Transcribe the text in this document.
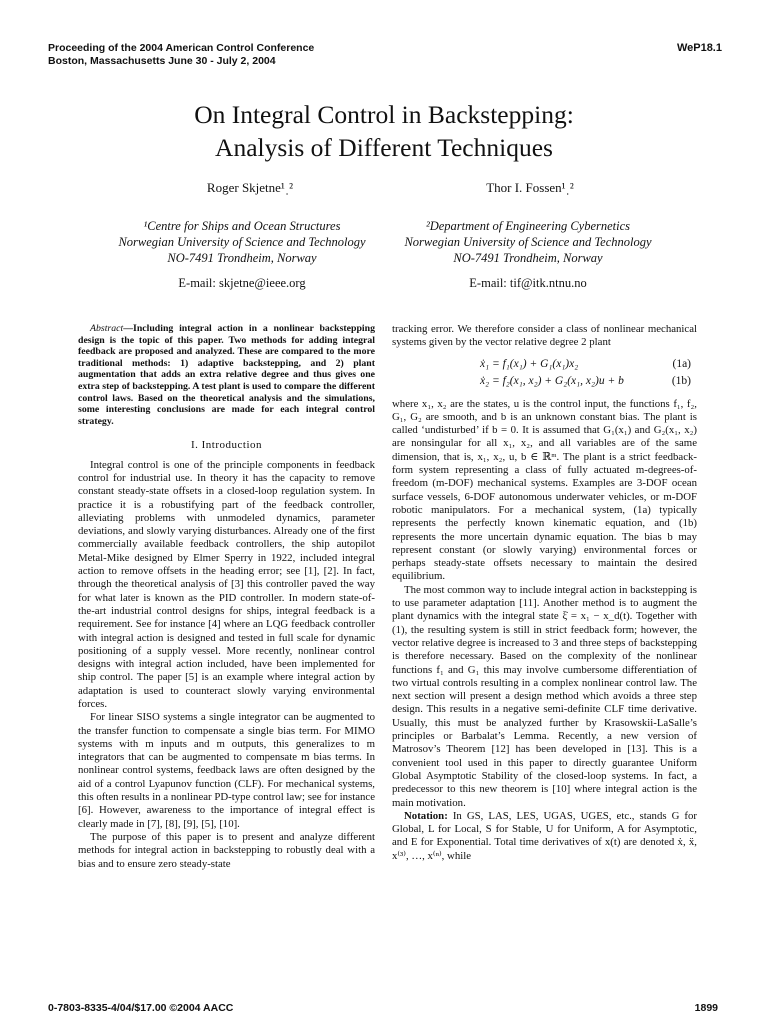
Proceeding of the 2004 American Control Conference
Boston, Massachusetts June 30 - July 2, 2004
WeP18.1
On Integral Control in Backstepping:
Analysis of Different Techniques
Roger Skjetne¹ˌ²	Thor I. Fossen¹ˌ²
¹Centre for Ships and Ocean Structures
Norwegian University of Science and Technology
NO-7491 Trondheim, Norway
E-mail: skjetne@ieee.org
²Department of Engineering Cybernetics
Norwegian University of Science and Technology
NO-7491 Trondheim, Norway
E-mail: tif@itk.ntnu.no

Abstract—Including integral action in a nonlinear backstepping design is the topic of this paper. Two methods for adding integral feedback are proposed and analyzed. These are compared to the more traditional methods: 1) adaptive backstepping, and 2) plant augmentation that adds an extra relative degree and thus gives one extra step of backstepping. A test plant is used to compare the different control laws. Based on the theoretical analysis and the simulations, some interesting conclusions are made for each integral control strategy.

I. Introduction

Integral control is one of the principle components in feedback control for industrial use. In theory it has the capacity to remove constant steady-state offsets in a closed-loop regulation system. In practice it is a robustifying part of the feedback controller, alleviating problems with unmodeled dynamics, parameter deviations, and slowly varying disturbances. Already one of the first commercially available feedback controllers, the ship autopilot Metal-Mike designed by Elmer Sperry in 1922, included integral action to remove offsets in the heading error; see [1], [2]. In fact, through the theoretical analysis of [3] this controller paved the way for what later is known as the PID controller. In modern state-of-the-art industrial control designs for ships, integral feedback is a requirement. See for instance [4] where an LQG feedback controller with integral action is designed and tested in full scale for dynamic positioning of a supply vessel. More recently, nonlinear control designs with integral action included, have been implemented for ship control. The paper [5] is an example where integral action by adaptation is used to counteract slowly varying environmental forces.

For linear SISO systems a single integrator can be augmented to the transfer function to compensate a single bias term. For MIMO systems with m inputs and m outputs, this generalizes to m integrators that can be augmented to compensate m bias terms. In nonlinear control systems, feedback laws are often designed by the aid of a control Lyapunov function (CLF). For mechanical systems, this often results in a nonlinear PD-type control law; see for instance [6]. However, awareness to the importance of integral effect is clearly made in [7], [8], [9], [5], [10].

The purpose of this paper is to present and analyze different methods for integral action in backstepping to robustly deal with a bias and to ensure zero steady-state

tracking error. We therefore consider a class of nonlinear mechanical systems given by the vector relative degree 2 plant

ẋ₁ = f₁(x₁) + G₁(x₁)x₂	(1a)
ẋ₂ = f₂(x₁, x₂) + G₂(x₁, x₂)u + b	(1b)

where x₁, x₂ are the states, u is the control input, the functions f₁, f₂, G₁, G₂ are smooth, and b is an unknown constant bias. The plant is called ‘undisturbed’ if b = 0. It is assumed that G₁(x₁) and G₂(x₁, x₂) are nonsingular for all x₁, x₂, and all variables are of the same dimension, that is, x₁, x₂, u, b ∈ ℝᵐ. The plant is a strict feedback-form system representing a class of fully actuated m-degrees-of-freedom (m-DOF) mechanical systems. Examples are 3-DOF ocean surface vessels, 6-DOF autonomous underwater vehicles, or m-DOF robotic manipulators. For a mechanical system, (1a) typically represents the perfectly known kinematic equation, and (1b) represents the more uncertain dynamic equation. The bias b may represent constant (or slowly varying) environmental forces or perhaps steady-state offsets necessary to maintain the desired equilibrium.

The most common way to include integral action in backstepping is to use parameter adaptation [11]. Another method is to augment the plant dynamics with the integral state ξ̇ = x₁ − x_d(t). Together with (1), the resulting system is still in strict feedback form; however, the vector relative degree is increased to 3 and three steps of backstepping is therefore necessary. Based on the complexity of the nonlinear functions f₁ and G₁ this may involve cumbersome differentiation of two virtual controls resulting in a complex nonlinear control law. The next section will present a design method which avoids a three step design. This results in a negative semi-definite CLF time derivative. Usually, this must be analyzed further by Krasowskii-LaSalle’s principles or Barbalat’s Lemma. Recently, a new version of Matrosov’s Theorem [12] has been developed in [13]. This is a convenient tool used in this paper to directly guarantee Uniform Global Asymptotic Stability of the closed-loop systems. In fact, a predecessor to this new theorem is [10] where integral action is the main motivation.

Notation: In GS, LAS, LES, UGAS, UGES, etc., stands G for Global, L for Local, S for Stable, U for Uniform, A for Asymptotic, and E for Exponential. Total time derivatives of x(t) are denoted ẋ, ẍ, x⁽³⁾, …, x⁽ⁿ⁾, while

0-7803-8335-4/04/$17.00 ©2004 AACC	1899
